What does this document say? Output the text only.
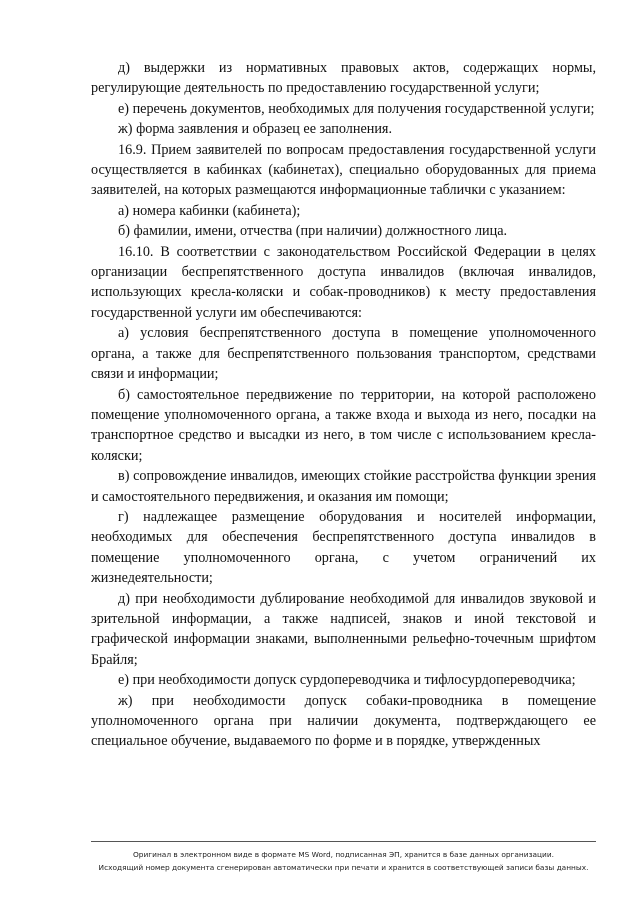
д) выдержки из нормативных правовых актов, содержащих нормы, регулирующие деятельность по предоставлению государственной услуги;

е) перечень документов, необходимых для получения государственной услуги;

ж) форма заявления и образец ее заполнения.

16.9. Прием заявителей по вопросам предоставления государственной услуги осуществляется в кабинках (кабинетах), специально оборудованных для приема заявителей, на которых размещаются информационные таблички с указанием:

а) номера кабинки (кабинета);

б) фамилии, имени, отчества (при наличии) должностного лица.

16.10. В соответствии с законодательством Российской Федерации в целях организации беспрепятственного доступа инвалидов (включая инвалидов, использующих кресла-коляски и собак-проводников) к месту предоставления государственной услуги им обеспечиваются:

а) условия беспрепятственного доступа в помещение уполномоченного органа, а также для беспрепятственного пользования транспортом, средствами связи и информации;

б) самостоятельное передвижение по территории, на которой расположено помещение уполномоченного органа, а также входа и выхода из него, посадки на транспортное средство и высадки из него, в том числе с использованием кресла-коляски;

в) сопровождение инвалидов, имеющих стойкие расстройства функции зрения и самостоятельного передвижения, и оказания им помощи;

г) надлежащее размещение оборудования и носителей информации, необходимых для обеспечения беспрепятственного доступа инвалидов в помещение уполномоченного органа, с учетом ограничений их жизнедеятельности;

д) при необходимости дублирование необходимой для инвалидов звуковой и зрительной информации, а также надписей, знаков и иной текстовой и графической информации знаками, выполненными рельефно-точечным шрифтом Брайля;

е) при необходимости допуск сурдопереводчика и тифлосурдопереводчика;

ж) при необходимости допуск собаки-проводника в помещение уполномоченного органа при наличии документа, подтверждающего ее специальное обучение, выдаваемого по форме и в порядке, утвержденных

Оригинал в электронном виде в формате MS Word, подписанная ЭП, хранится в базе данных организации.
Исходящий номер документа сгенерирован автоматически при печати и хранится в соответствующей записи базы данных.
